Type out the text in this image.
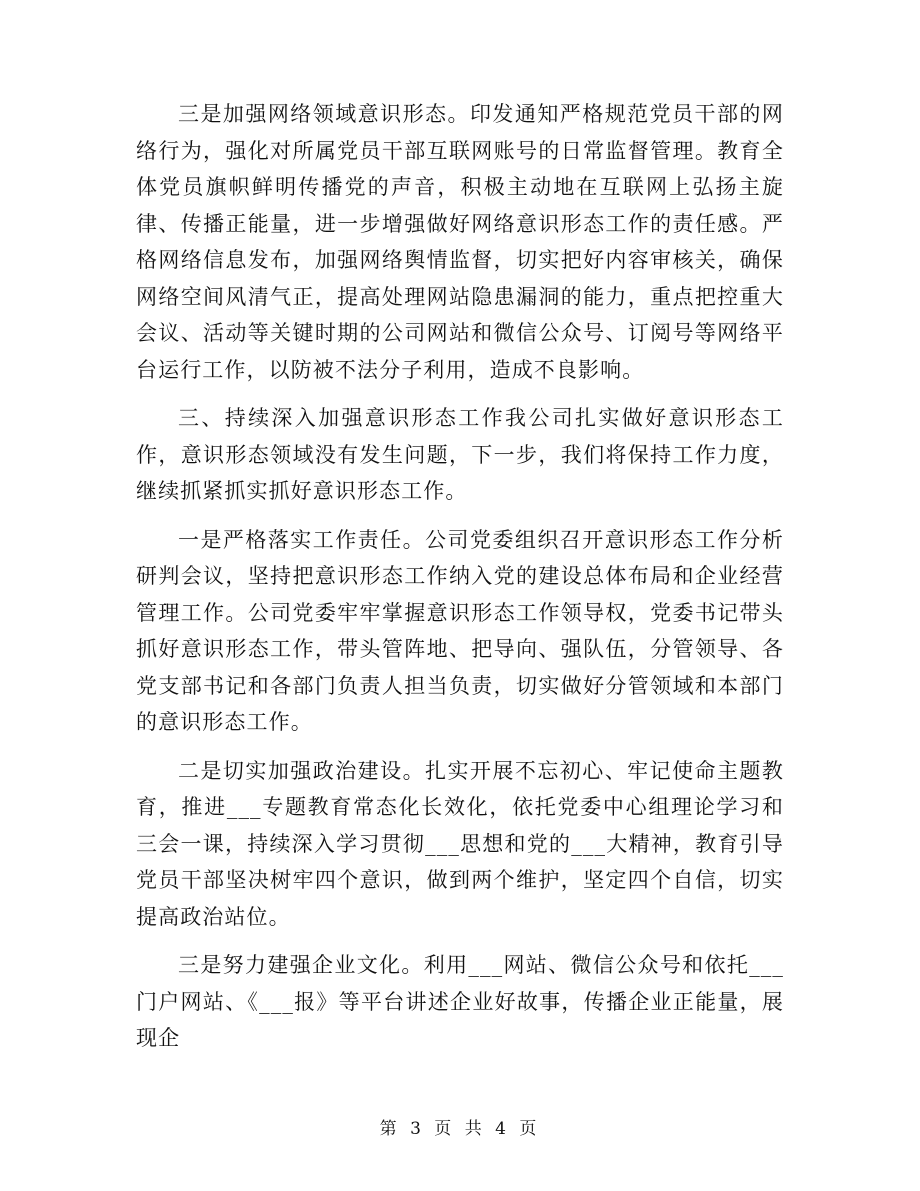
三是加强网络领域意识形态。印发通知严格规范党员干部的网络行为，强化对所属党员干部互联网账号的日常监督管理。教育全体党员旗帜鲜明传播党的声音，积极主动地在互联网上弘扬主旋律、传播正能量，进一步增强做好网络意识形态工作的责任感。严格网络信息发布，加强网络舆情监督，切实把好内容审核关，确保网络空间风清气正，提高处理网站隐患漏洞的能力，重点把控重大会议、活动等关键时期的公司网站和微信公众号、订阅号等网络平台运行工作，以防被不法分子利用，造成不良影响。

三、持续深入加强意识形态工作我公司扎实做好意识形态工作，意识形态领域没有发生问题，下一步，我们将保持工作力度，继续抓紧抓实抓好意识形态工作。

一是严格落实工作责任。公司党委组织召开意识形态工作分析研判会议，坚持把意识形态工作纳入党的建设总体布局和企业经营管理工作。公司党委牢牢掌握意识形态工作领导权，党委书记带头抓好意识形态工作，带头管阵地、把导向、强队伍，分管领导、各党支部书记和各部门负责人担当负责，切实做好分管领域和本部门的意识形态工作。

二是切实加强政治建设。扎实开展不忘初心、牢记使命主题教育，推进___专题教育常态化长效化，依托党委中心组理论学习和三会一课，持续深入学习贯彻___思想和党的___大精神，教育引导党员干部坚决树牢四个意识，做到两个维护，坚定四个自信，切实提高政治站位。

三是努力建强企业文化。利用___网站、微信公众号和依托___门户网站、《___报》等平台讲述企业好故事，传播企业正能量，展现企

第 3 页 共 4 页
